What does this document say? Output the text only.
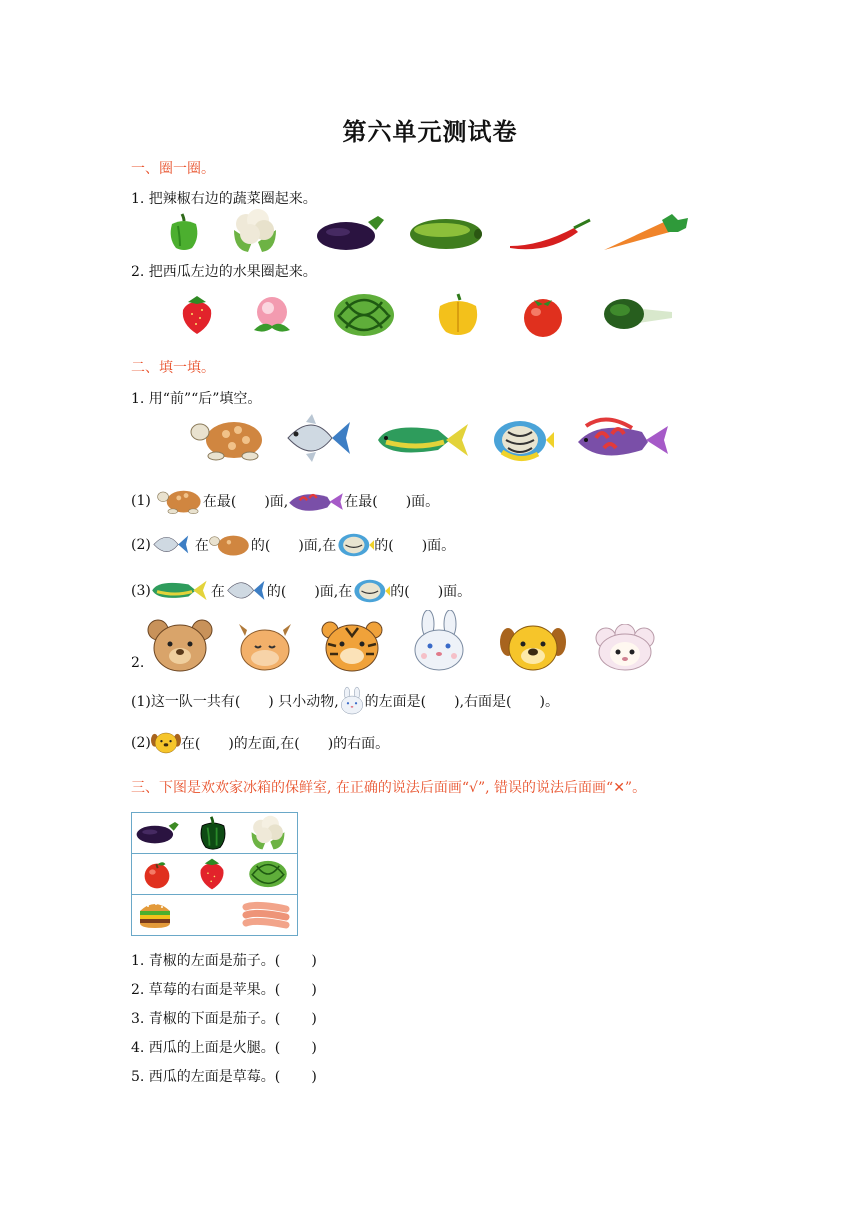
第六单元测试卷
一、圈一圈。
1. 把辣椒右边的蔬菜圈起来。
2. 把西瓜左边的水果圈起来。
二、填一填。
1. 用“前”“后”填空。
(1)	在最( )面,	在最( )面。
(2)	在	的( )面,在	的( )面。
(3)	在	的( )面,在	的( )面。
2.
(1)这一队一共有( ) 只小动物, 的左面是( ),右面是( )。
(2) 在( )的左面,在( )的右面。
三、下图是欢欢家冰箱的保鲜室, 在正确的说法后面画“√”, 错误的说法后面画“✕”。
1. 青椒的左面是茄子。(       )
2. 草莓的右面是苹果。(       )
3. 青椒的下面是茄子。(       )
4. 西瓜的上面是火腿。(       )
5. 西瓜的左面是草莓。(       )
